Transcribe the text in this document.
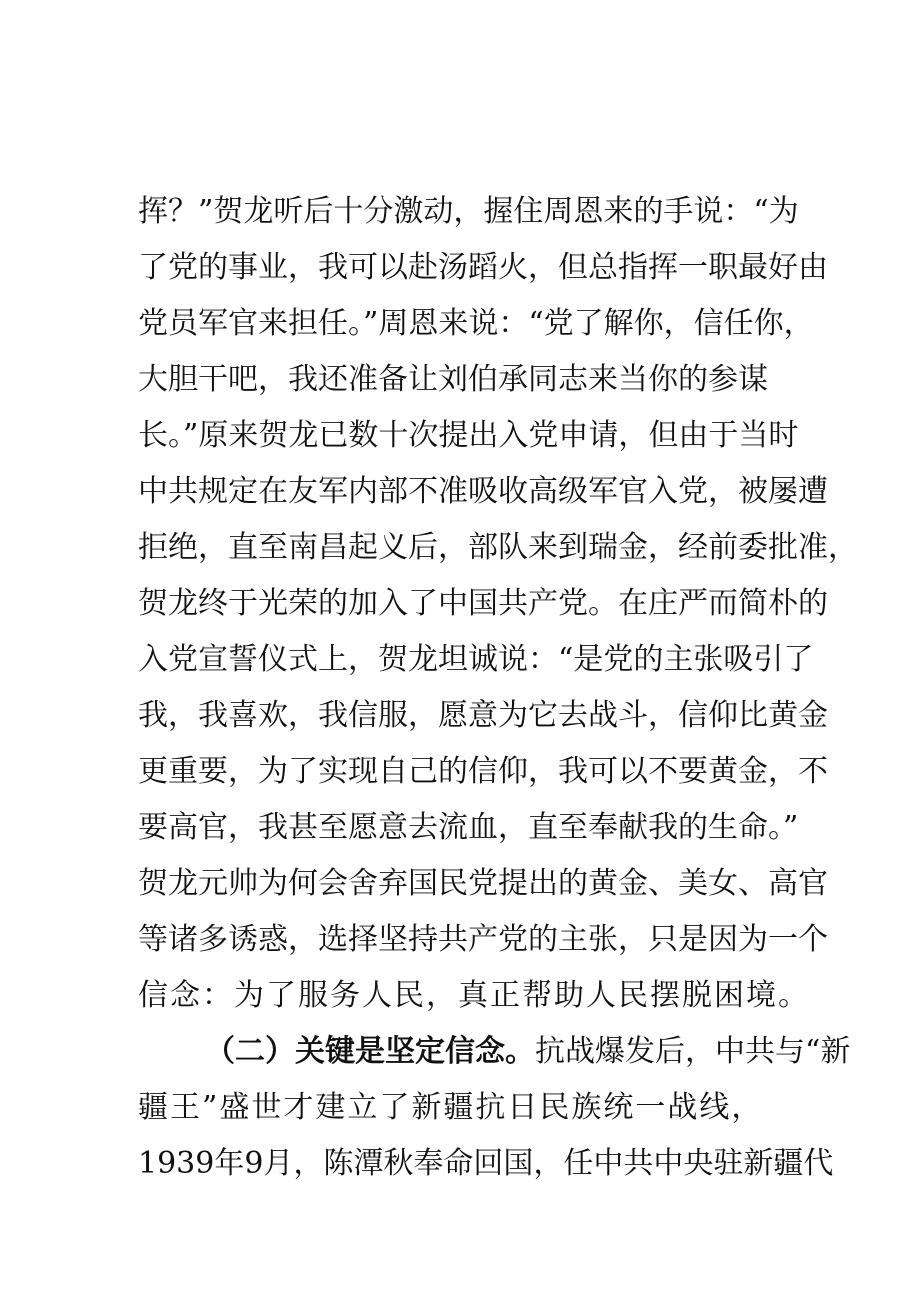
挥？”贺龙听后十分激动，握住周恩来的手说：“为
了党的事业，我可以赴汤蹈火，但总指挥一职最好由
党员军官来担任。”周恩来说：“党了解你，信任你，
大胆干吧，我还准备让刘伯承同志来当你的参谋
长。”原来贺龙已数十次提出入党申请，但由于当时
中共规定在友军内部不准吸收高级军官入党，被屡遭
拒绝，直至南昌起义后，部队来到瑞金，经前委批准，
贺龙终于光荣的加入了中国共产党。在庄严而简朴的
入党宣誓仪式上，贺龙坦诚说：“是党的主张吸引了
我，我喜欢，我信服，愿意为它去战斗，信仰比黄金
更重要，为了实现自己的信仰，我可以不要黄金，不
要高官，我甚至愿意去流血，直至奉献我的生命。”
贺龙元帅为何会舍弃国民党提出的黄金、美女、高官
等诸多诱惑，选择坚持共产党的主张，只是因为一个
信念：为了服务人民，真正帮助人民摆脱困境。
（二）关键是坚定信念。抗战爆发后，中共与“新
疆王”盛世才建立了新疆抗日民族统一战线，
1939年9月，陈潭秋奉命回国，任中共中央驻新疆代
